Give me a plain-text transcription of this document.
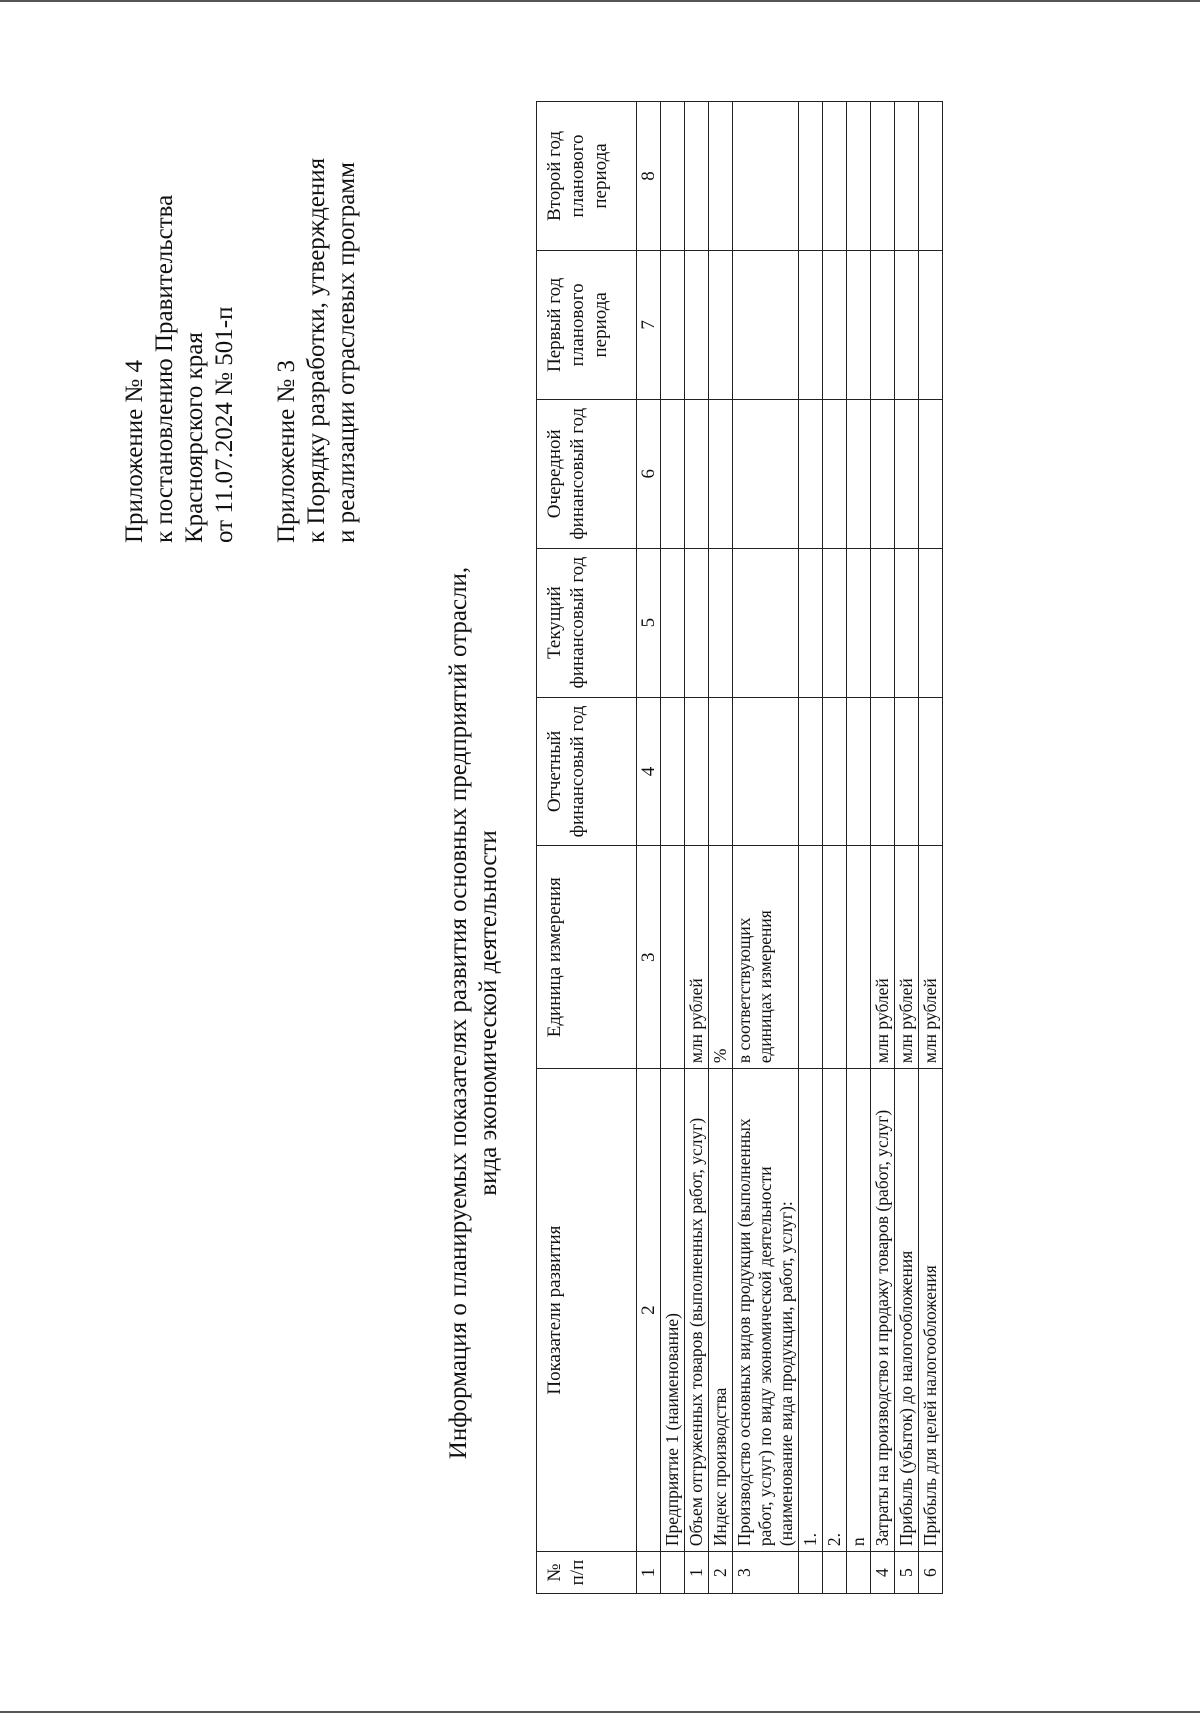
Приложение № 4 к постановлению Правительства Красноярского края от 11.07.2024 № 501-п Приложение № 3 к Порядку разработки, утверждения и реализации отраслевых программ
Информация о планируемых показателях развития основных предприятий отрасли, вида экономической деятельности
№ п/п	Показатели развития	Единица измерения	Отчетный финансовый год	Текущий финансовый год	Очередной финансовый год	Первый год планового периода	Второй год планового периода
1	2	3	4	5	6	7	8
	Предприятие 1 (наименование)						
1	Объем отгруженных товаров (выполненных работ, услуг)	млн рублей					
2	Индекс производства	%					
3	Производство основных видов продукции (выполненных работ, услуг) по виду экономической деятельности (наименование вида продукции, работ, услуг):	в соответствующих единицах измерения					
	1.						
	2.						
	n						
4	Затраты на производство и продажу товаров (работ, услуг)	млн рублей					
5	Прибыль (убыток) до налогообложения	млн рублей					
6	Прибыль для целей налогообложения	млн рублей					
